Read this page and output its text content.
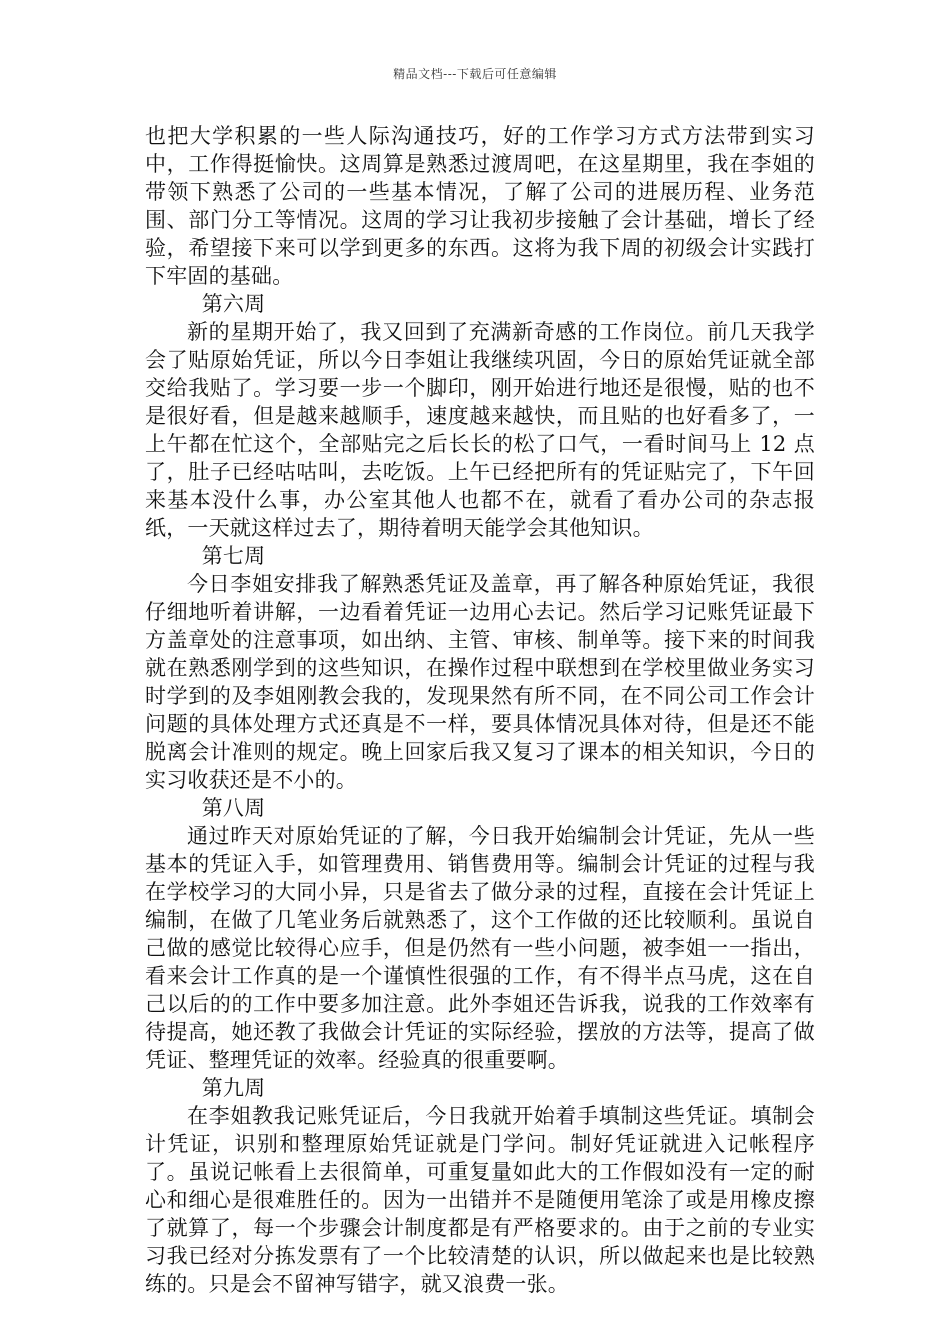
精品文档---下载后可任意编辑

也把大学积累的一些人际沟通技巧，好的工作学习方式方法带到实习中，工作得挺愉快。这周算是熟悉过渡周吧，在这星期里，我在李姐的带领下熟悉了公司的一些基本情况，了解了公司的进展历程、业务范围、部门分工等情况。这周的学习让我初步接触了会计基础，增长了经验，希望接下来可以学到更多的东西。这将为我下周的初级会计实践打下牢固的基础。

第六周

新的星期开始了，我又回到了充满新奇感的工作岗位。前几天我学会了贴原始凭证，所以今日李姐让我继续巩固，今日的原始凭证就全部交给我贴了。学习要一步一个脚印，刚开始进行地还是很慢，贴的也不是很好看，但是越来越顺手，速度越来越快，而且贴的也好看多了，一上午都在忙这个，全部贴完之后长长的松了口气，一看时间马上 12 点了，肚子已经咕咕叫，去吃饭。上午已经把所有的凭证贴完了，下午回来基本没什么事，办公室其他人也都不在，就看了看办公司的杂志报纸，一天就这样过去了，期待着明天能学会其他知识。

第七周

今日李姐安排我了解熟悉凭证及盖章，再了解各种原始凭证，我很仔细地听着讲解，一边看着凭证一边用心去记。然后学习记账凭证最下方盖章处的注意事项，如出纳、主管、审核、制单等。接下来的时间我就在熟悉刚学到的这些知识，在操作过程中联想到在学校里做业务实习时学到的及李姐刚教会我的，发现果然有所不同，在不同公司工作会计问题的具体处理方式还真是不一样，要具体情况具体对待，但是还不能脱离会计准则的规定。晚上回家后我又复习了课本的相关知识，今日的实习收获还是不小的。

第八周

通过昨天对原始凭证的了解，今日我开始编制会计凭证，先从一些基本的凭证入手，如管理费用、销售费用等。编制会计凭证的过程与我在学校学习的大同小异，只是省去了做分录的过程，直接在会计凭证上编制，在做了几笔业务后就熟悉了，这个工作做的还比较顺利。虽说自己做的感觉比较得心应手，但是仍然有一些小问题，被李姐一一指出，看来会计工作真的是一个谨慎性很强的工作，有不得半点马虎，这在自己以后的的工作中要多加注意。此外李姐还告诉我，说我的工作效率有待提高，她还教了我做会计凭证的实际经验，摆放的方法等，提高了做凭证、整理凭证的效率。经验真的很重要啊。

第九周

在李姐教我记账凭证后，今日我就开始着手填制这些凭证。填制会计凭证，识别和整理原始凭证就是门学问。制好凭证就进入记帐程序了。虽说记帐看上去很简单，可重复量如此大的工作假如没有一定的耐心和细心是很难胜任的。因为一出错并不是随便用笔涂了或是用橡皮擦了就算了，每一个步骤会计制度都是有严格要求的。由于之前的专业实习我已经对分拣发票有了一个比较清楚的认识，所以做起来也是比较熟练的。只是会不留神写错字，就又浪费一张。
